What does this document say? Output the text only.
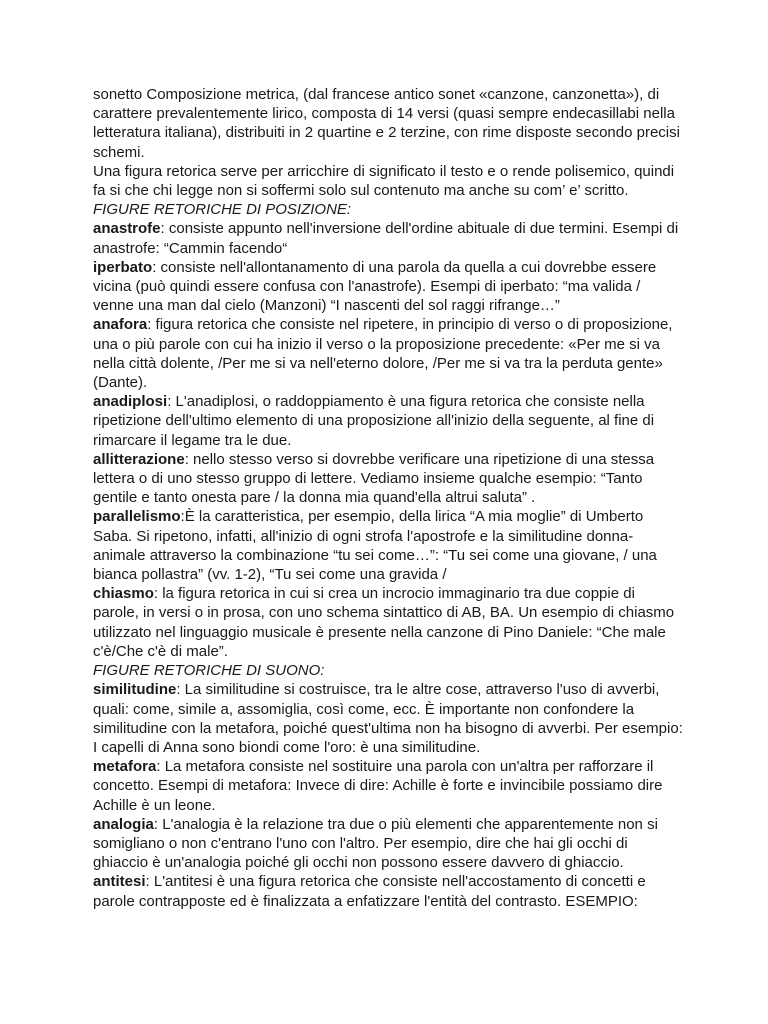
sonetto Composizione metrica, (dal francese antico sonet «canzone, canzonetta»), di carattere prevalentemente lirico, composta di 14 versi (quasi sempre endecasillabi nella letteratura italiana), distribuiti in 2 quartine e 2 terzine, con rime disposte secondo precisi schemi.

Una figura retorica serve per arricchire di significato il testo e o rende polisemico, quindi fa si che chi legge non si soffermi solo sul contenuto ma anche su com’ e’ scritto.

FIGURE RETORICHE DI POSIZIONE:

anastrofe: consiste appunto nell'inversione dell'ordine abituale di due termini. Esempi di anastrofe: “Cammin facendo“

iperbato: consiste nell'allontanamento di una parola da quella a cui dovrebbe essere vicina (può quindi essere confusa con l'anastrofe). Esempi di iperbato: “ma valida / venne una man dal cielo (Manzoni) “I nascenti del sol raggi rifrange…”

anafora: figura retorica che consiste nel ripetere, in principio di verso o di proposizione, una o più parole con cui ha inizio il verso o la proposizione precedente: «Per me si va nella città dolente, /Per me si va nell'eterno dolore, /Per me si va tra la perduta gente» (Dante).

anadiplosi: L'anadiplosi, o raddoppiamento è una figura retorica che consiste nella ripetizione dell'ultimo elemento di una proposizione all'inizio della seguente, al fine di rimarcare il legame tra le due.

allitterazione: nello stesso verso si dovrebbe verificare una ripetizione di una stessa lettera o di uno stesso gruppo di lettere. Vediamo insieme qualche esempio: “Tanto gentile e tanto onesta pare / la donna mia quand'ella altrui saluta” .

parallelismo:È la caratteristica, per esempio, della lirica “A mia moglie” di Umberto Saba. Si ripetono, infatti, all'inizio di ogni strofa l'apostrofe e la similitudine donna-animale attraverso la combinazione “tu sei come…”: “Tu sei come una giovane, / una bianca pollastra” (vv. 1-2), “Tu sei come una gravida /

chiasmo: la figura retorica in cui si crea un incrocio immaginario tra due coppie di parole, in versi o in prosa, con uno schema sintattico di AB, BA. Un esempio di chiasmo utilizzato nel linguaggio musicale è presente nella canzone di Pino Daniele: “Che male c'è/Che c'è di male”.

FIGURE RETORICHE DI SUONO:

similitudine: La similitudine si costruisce, tra le altre cose, attraverso l'uso di avverbi, quali: come, simile a, assomiglia, così come, ecc. È importante non confondere la similitudine con la metafora, poiché quest'ultima non ha bisogno di avverbi. Per esempio: I capelli di Anna sono biondi come l'oro: è una similitudine.

metafora: La metafora consiste nel sostituire una parola con un'altra per rafforzare il concetto. Esempi di metafora: Invece di dire: Achille è forte e invincibile possiamo dire Achille è un leone.

analogia: L'analogia è la relazione tra due o più elementi che apparentemente non si somigliano o non c'entrano l'uno con l'altro. Per esempio, dire che hai gli occhi di ghiaccio è un'analogia poiché gli occhi non possono essere davvero di ghiaccio.

antitesi: L'antitesi è una figura retorica che consiste nell'accostamento di concetti e parole contrapposte ed è finalizzata a enfatizzare l'entità del contrasto. ESEMPIO:
